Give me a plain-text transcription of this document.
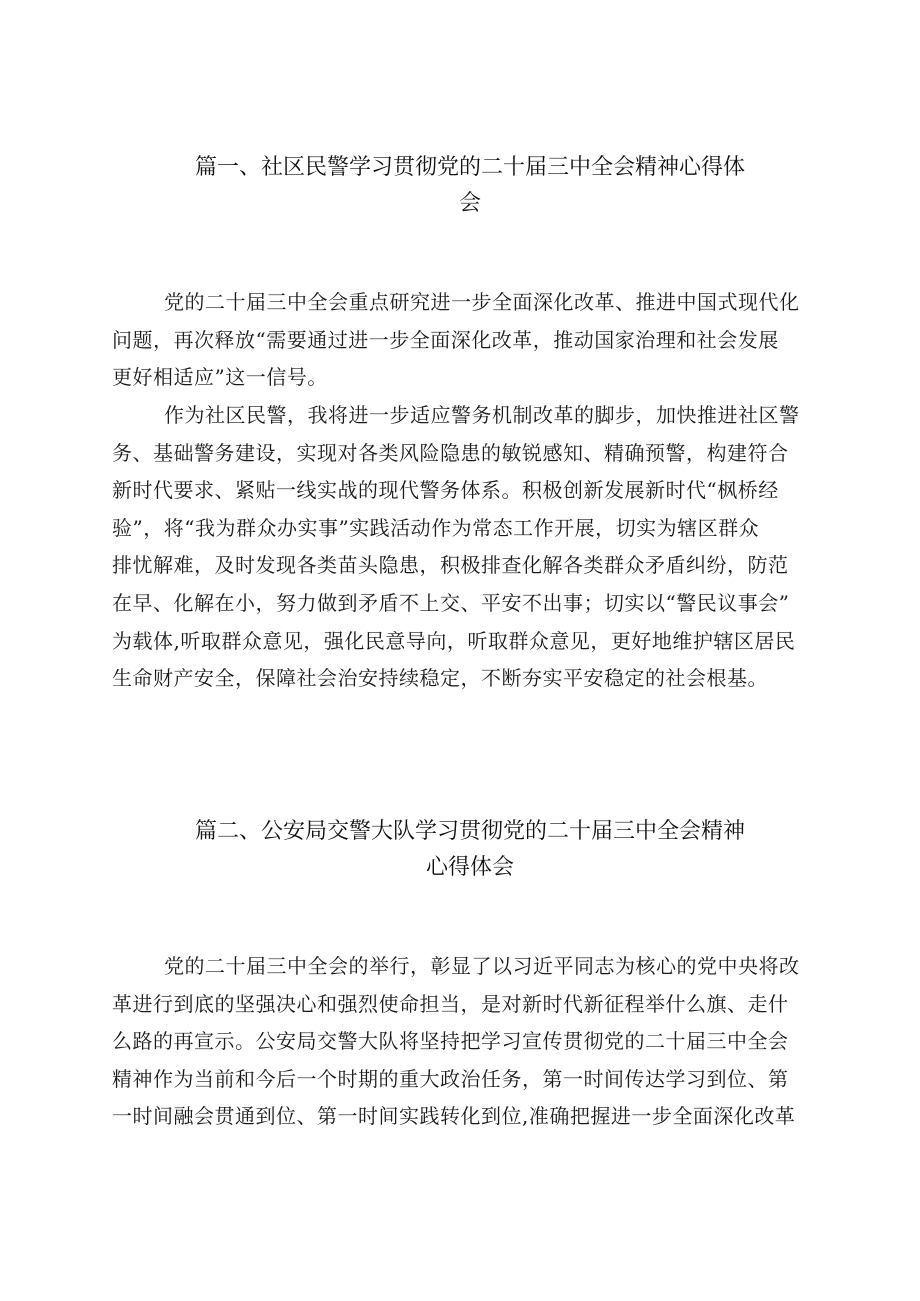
篇一、社区民警学习贯彻党的二十届三中全会精神心得体
会
党的二十届三中全会重点研究进一步全面深化改革、推进中国式现代化
问题，再次释放“需要通过进一步全面深化改革，推动国家治理和社会发展
更好相适应”这一信号。
作为社区民警，我将进一步适应警务机制改革的脚步，加快推进社区警
务、基础警务建设，实现对各类风险隐患的敏锐感知、精确预警，构建符合
新时代要求、紧贴一线实战的现代警务体系。积极创新发展新时代“枫桥经
验”，将“我为群众办实事”实践活动作为常态工作开展，切实为辖区群众
排忧解难，及时发现各类苗头隐患，积极排查化解各类群众矛盾纠纷，防范
在早、化解在小，努力做到矛盾不上交、平安不出事；切实以“警民议事会”
为载体,听取群众意见，强化民意导向，听取群众意见，更好地维护辖区居民
生命财产安全，保障社会治安持续稳定，不断夯实平安稳定的社会根基。
篇二、公安局交警大队学习贯彻党的二十届三中全会精神
心得体会
党的二十届三中全会的举行，彰显了以习近平同志为核心的党中央将改
革进行到底的坚强决心和强烈使命担当，是对新时代新征程举什么旗、走什
么路的再宣示。公安局交警大队将坚持把学习宣传贯彻党的二十届三中全会
精神作为当前和今后一个时期的重大政治任务，第一时间传达学习到位、第
一时间融会贯通到位、第一时间实践转化到位,准确把握进一步全面深化改革
